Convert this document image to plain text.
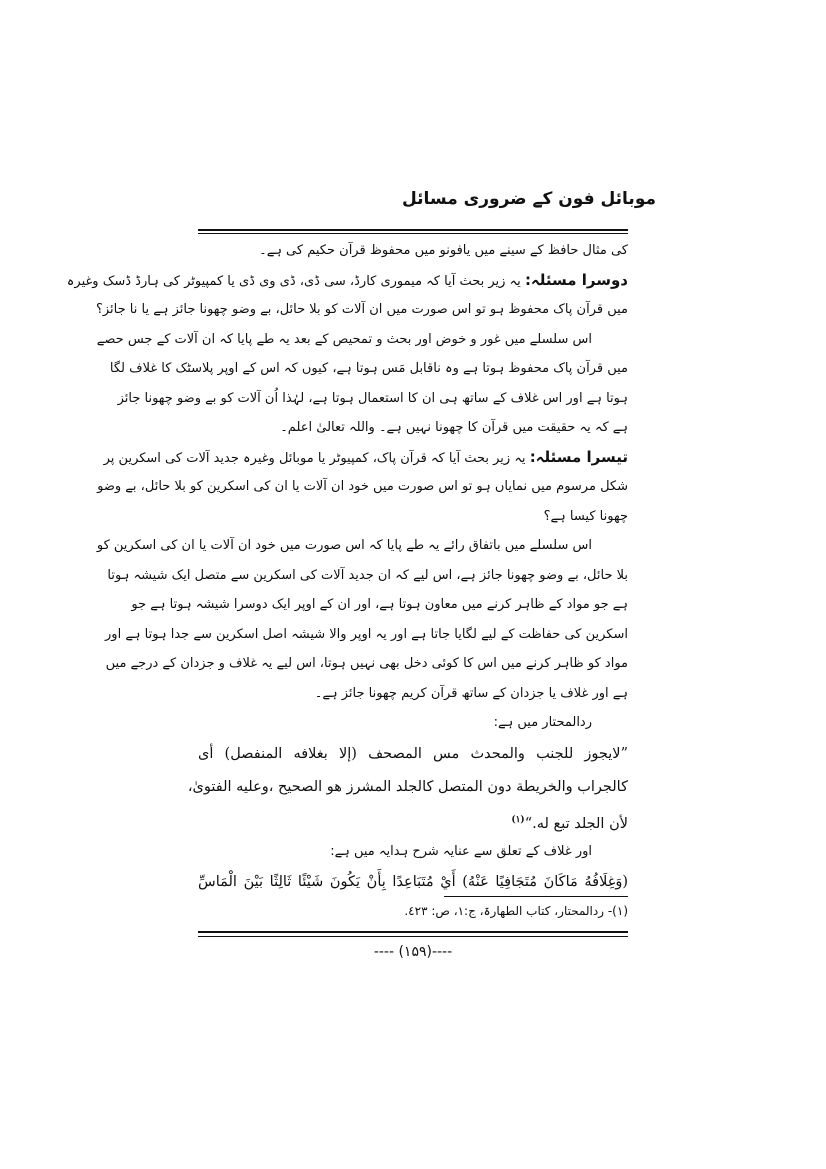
موبائل فون کے ضروری مسائل
کی مثال حافظ کے سینے میں یافونو میں محفوظ قرآن حکیم کی ہے۔
دوسرا مسئلہ: یہ زیر بحث آیا کہ میموری کارڈ، سی ڈی، ڈی وی ڈی یا کمپیوٹر کی ہارڈ ڈسک وغیرہ
میں قرآن پاک محفوظ ہو تو اس صورت میں ان آلات کو بلا حائل، بے وضو چھونا جائز ہے یا نا جائز؟
اس سلسلے میں غور و خوض اور بحث و تمحیص کے بعد یہ طے پایا کہ ان آلات کے جس حصے
میں قرآن پاک محفوظ ہوتا ہے وہ ناقابل مَس ہوتا ہے، کیوں کہ اس کے اوپر پلاسٹک کا غلاف لگا
ہوتا ہے اور اس غلاف کے ساتھ ہی ان کا استعمال ہوتا ہے، لہٰذا اُن آلات کو بے وضو چھونا جائز
ہے کہ یہ حقیقت میں قرآن کا چھونا نہیں ہے۔ واللہ تعالیٰ اعلم۔
تیسرا مسئلہ: یہ زیر بحث آیا کہ قرآن پاک، کمپیوٹر یا موبائل وغیرہ جدید آلات کی اسکرین پر
شکل مرسوم میں نمایاں ہو تو اس صورت میں خود ان آلات یا ان کی اسکرین کو بلا حائل، بے وضو
چھونا کیسا ہے؟
اس سلسلے میں باتفاق رائے یہ طے پایا کہ اس صورت میں خود ان آلات یا ان کی اسکرین کو
بلا حائل، بے وضو چھونا جائز ہے، اس لیے کہ ان جدید آلات کی اسکرین سے متصل ایک شیشہ ہوتا
ہے جو مواد کے ظاہر کرنے میں معاون ہوتا ہے، اور ان کے اوپر ایک دوسرا شیشہ ہوتا ہے جو
اسکرین کی حفاظت کے لیے لگایا جاتا ہے اور یہ اوپر والا شیشہ اصل اسکرین سے جدا ہوتا ہے اور
مواد کو ظاہر کرنے میں اس کا کوئی دخل بھی نہیں ہوتا، اس لیے یہ غلاف و جزدان کے درجے میں
ہے اور غلاف یا جزدان کے ساتھ قرآن کریم چھونا جائز ہے۔
ردالمحتار میں ہے:
”لایجوز للجنب والمحدث مس المصحف (إلا بغلافه المنفصل) أی
کالجراب والخریطة دون المتصل کالجلد المشرز هو الصحیح ،وعلیه الفتویٰ،
لأن الجلد تبع له.“$^{(۱)}$
اور غلاف کے تعلق سے عنایہ شرح ہدایہ میں ہے:
(وَغِلَافُهُ مَاكَانَ مُتَجَافِيًا عَنْهُ) أَيْ مُتَبَاعِدًا بِأَنْ يَكُونَ شَيْئًا ثَالِثًا بَيْنَ الْمَاسِّ
(۱)- ردالمحتار، کتاب الطھارۃ، ج:۱، ص: ٤٢٣.
---- (۱۵۹)----
